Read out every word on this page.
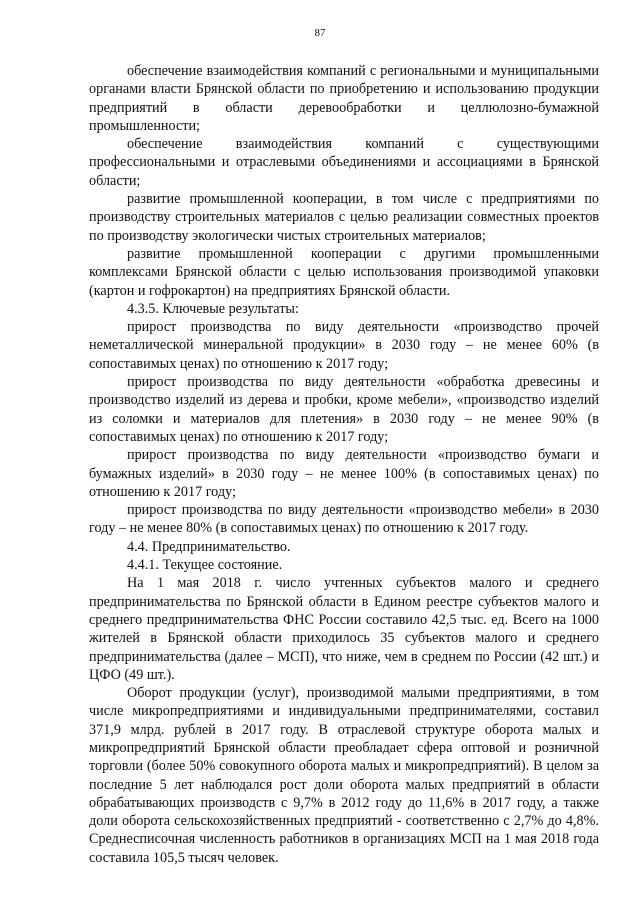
87

обеспечение взаимодействия компаний с региональными и муниципальными органами власти Брянской области по приобретению и использованию продукции предприятий в области деревообработки и целлюлозно-бумажной промышленности;

обеспечение взаимодействия компаний с существующими профессиональными и отраслевыми объединениями и ассоциациями в Брянской области;

развитие промышленной кооперации, в том числе с предприятиями по производству строительных материалов с целью реализации совместных проектов по производству экологически чистых строительных материалов;

развитие промышленной кооперации с другими промышленными комплексами Брянской области с целью использования производимой упаковки (картон и гофрокартон) на предприятиях Брянской области.

4.3.5. Ключевые результаты:

прирост производства по виду деятельности «производство прочей неметаллической минеральной продукции» в 2030 году – не менее 60% (в сопоставимых ценах) по отношению к 2017 году;

прирост производства по виду деятельности «обработка древесины и производство изделий из дерева и пробки, кроме мебели», «производство изделий из соломки и материалов для плетения» в 2030 году – не менее 90% (в сопоставимых ценах) по отношению к 2017 году;

прирост производства по виду деятельности «производство бумаги и бумажных изделий» в 2030 году – не менее 100% (в сопоставимых ценах) по отношению к 2017 году;

прирост производства по виду деятельности «производство мебели» в 2030 году – не менее 80% (в сопоставимых ценах) по отношению к 2017 году.

4.4. Предпринимательство.

4.4.1. Текущее состояние.

На 1 мая 2018 г. число учтенных субъектов малого и среднего предпринимательства по Брянской области в Едином реестре субъектов малого и среднего предпринимательства ФНС России составило 42,5 тыс. ед. Всего на 1000 жителей в Брянской области приходилось 35 субъектов малого и среднего предпринимательства (далее – МСП), что ниже, чем в среднем по России (42 шт.) и ЦФО (49 шт.).

Оборот продукции (услуг), производимой малыми предприятиями, в том числе микропредприятиями и индивидуальными предпринимателями, составил 371,9 млрд. рублей в 2017 году. В отраслевой структуре оборота малых и микропредприятий Брянской области преобладает сфера оптовой и розничной торговли (более 50% совокупного оборота малых и микропредприятий). В целом за последние 5 лет наблюдался рост доли оборота малых предприятий в области обрабатывающих производств с 9,7% в 2012 году до 11,6% в 2017 году, а также доли оборота сельскохозяйственных предприятий - соответственно с 2,7% до 4,8%. Среднесписочная численность работников в организациях МСП на 1 мая 2018 года составила 105,5 тысяч человек.
